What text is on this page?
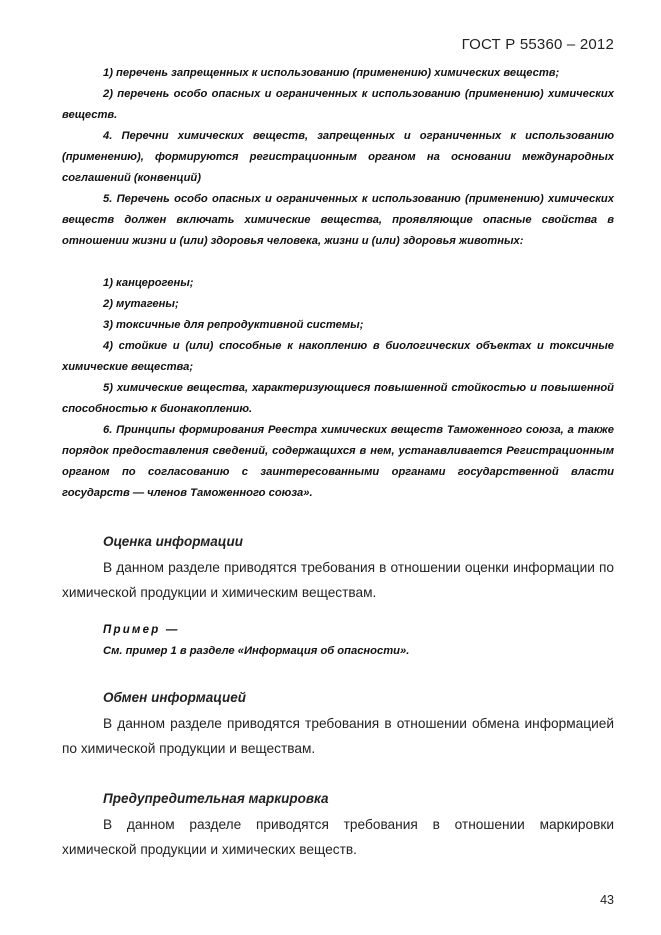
ГОСТ Р 55360 – 2012

1) перечень запрещенных к использованию (применению) химических веществ;

2) перечень особо опасных и ограниченных к использованию (применению) химических веществ.

4. Перечни химических веществ, запрещенных и ограниченных к использованию (применению), формируются регистрационным органом на основании международных соглашений (конвенций)

5. Перечень особо опасных и ограниченных к использованию (применению) химических веществ должен включать химические вещества, проявляющие опасные свойства в отношении жизни и (или) здоровья человека, жизни и (или) здоровья животных:

1) канцерогены;

2) мутагены;

3) токсичные для репродуктивной системы;

4) стойкие и (или) способные к накоплению в биологических объектах и токсичные химические вещества;

5) химические вещества, характеризующиеся повышенной стойкостью и повышенной способностью к бионакоплению.

6. Принципы формирования Реестра химических веществ Таможенного союза, а также порядок предоставления сведений, содержащихся в нем, устанавливается Регистрационным органом по согласованию с заинтересованными органами государственной власти государств — членов Таможенного союза».

Оценка информации

В данном разделе приводятся требования в отношении оценки информации по химической продукции и химическим веществам.

Пример —

См. пример 1 в разделе «Информация об опасности».

Обмен информацией

В данном разделе приводятся требования в отношении обмена информацией по химической продукции и веществам.

Предупредительная маркировка

В данном разделе приводятся требования в отношении маркировки химической продукции и химических веществ.

43
